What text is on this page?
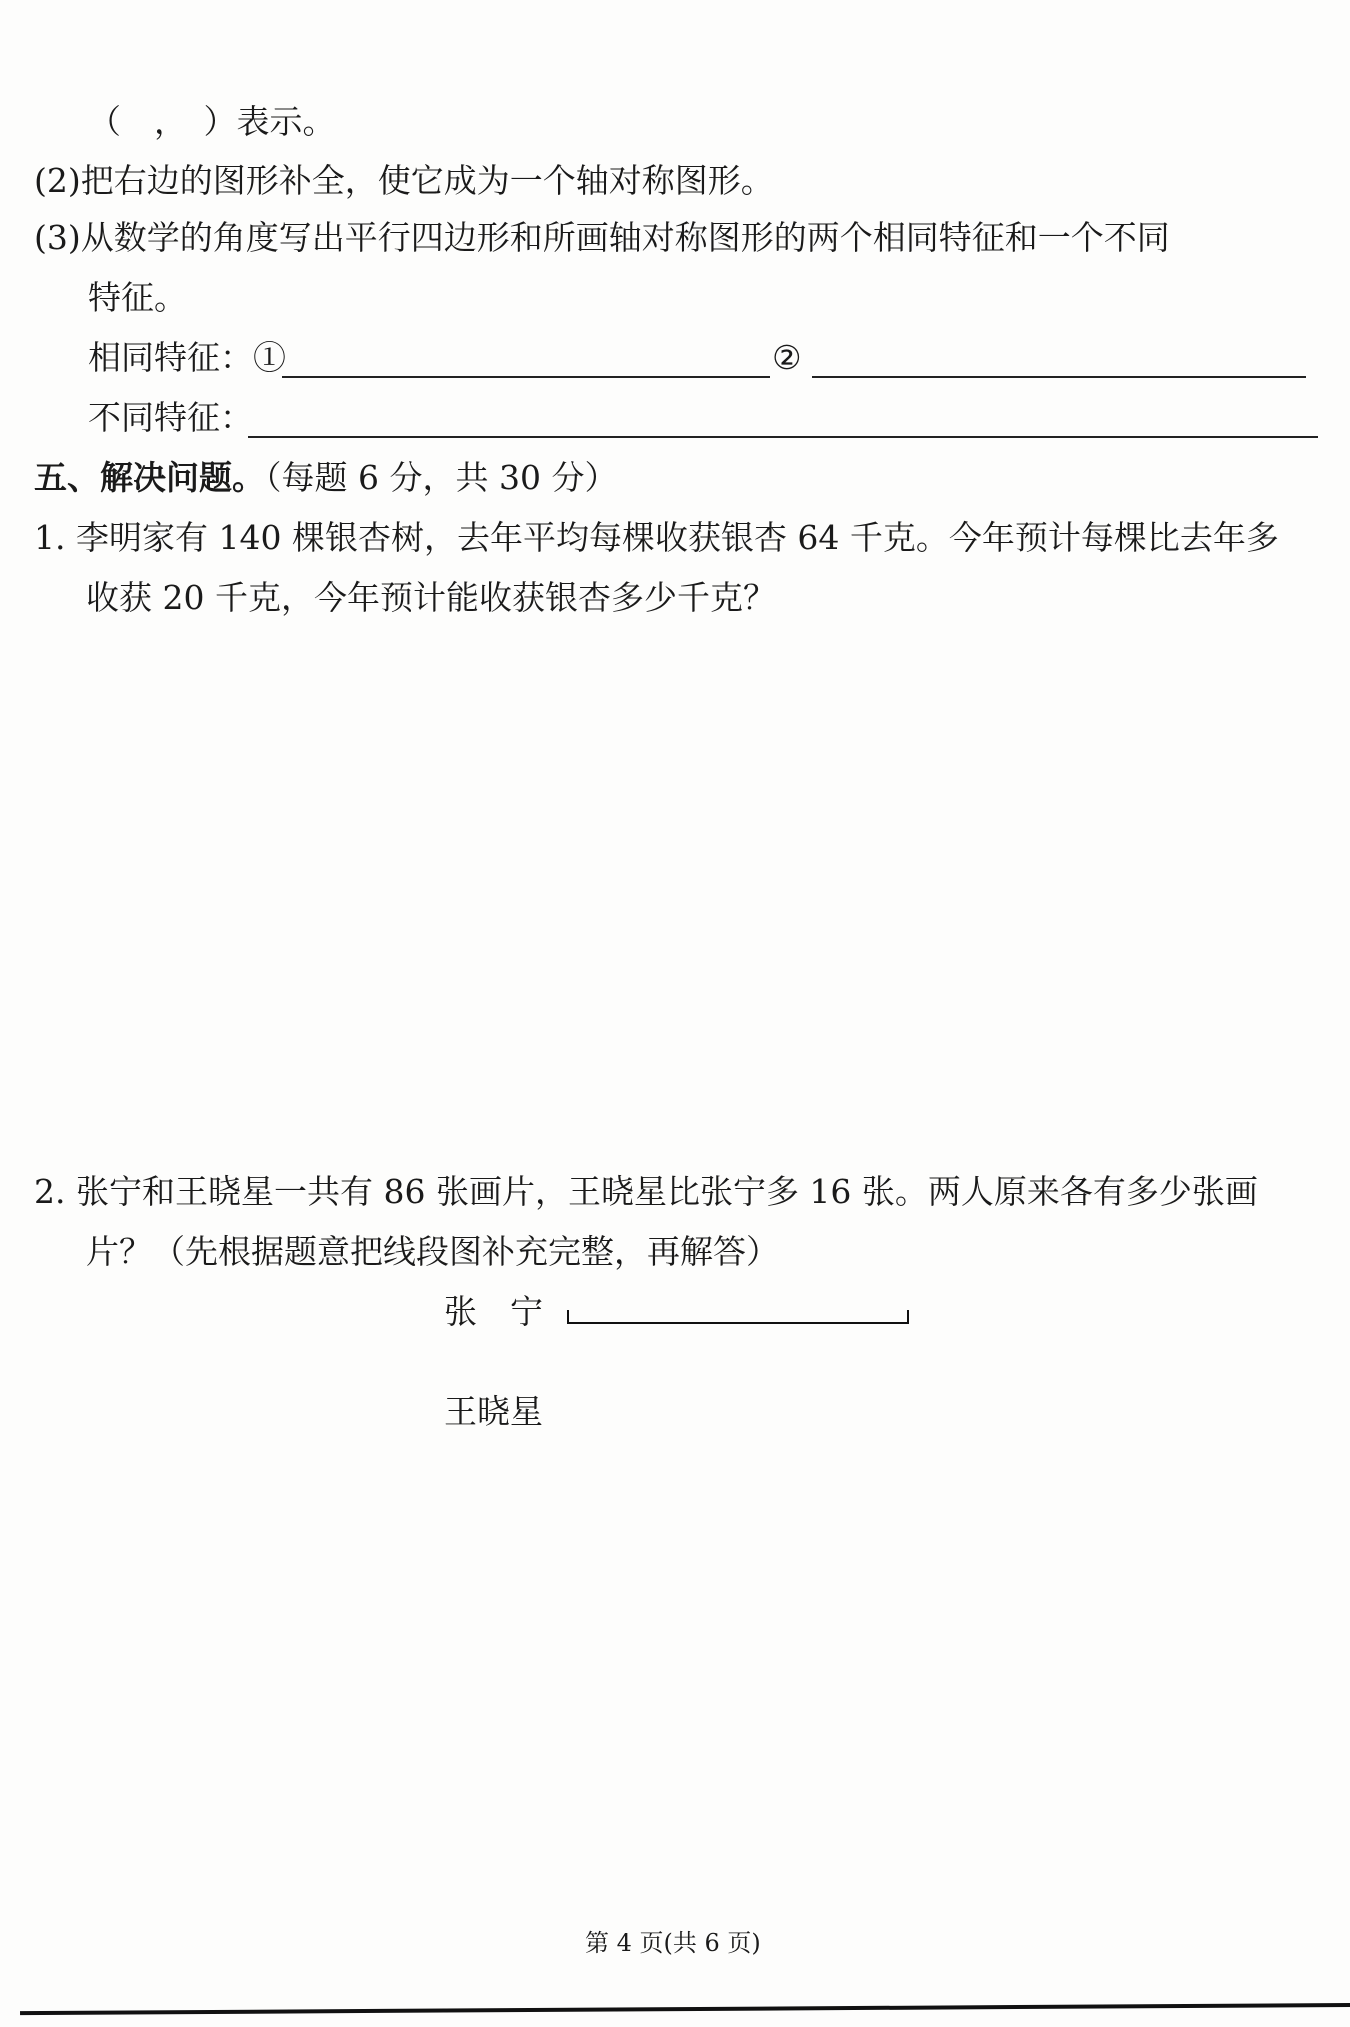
（　，　）表示。
(2)把右边的图形补全，使它成为一个轴对称图形。
(3)从数学的角度写出平行四边形和所画轴对称图形的两个相同特征和一个不同
特征。
相同特征：①	②
不同特征：
五、解决问题。（每题 6 分，共 30 分）
1. 李明家有 140 棵银杏树，去年平均每棵收获银杏 64 千克。今年预计每棵比去年多
收获 20 千克，今年预计能收获银杏多少千克？
2. 张宁和王晓星一共有 86 张画片，王晓星比张宁多 16 张。两人原来各有多少张画
片？（先根据题意把线段图补充完整，再解答）
张　宁
王晓星
第 4 页(共 6 页)
